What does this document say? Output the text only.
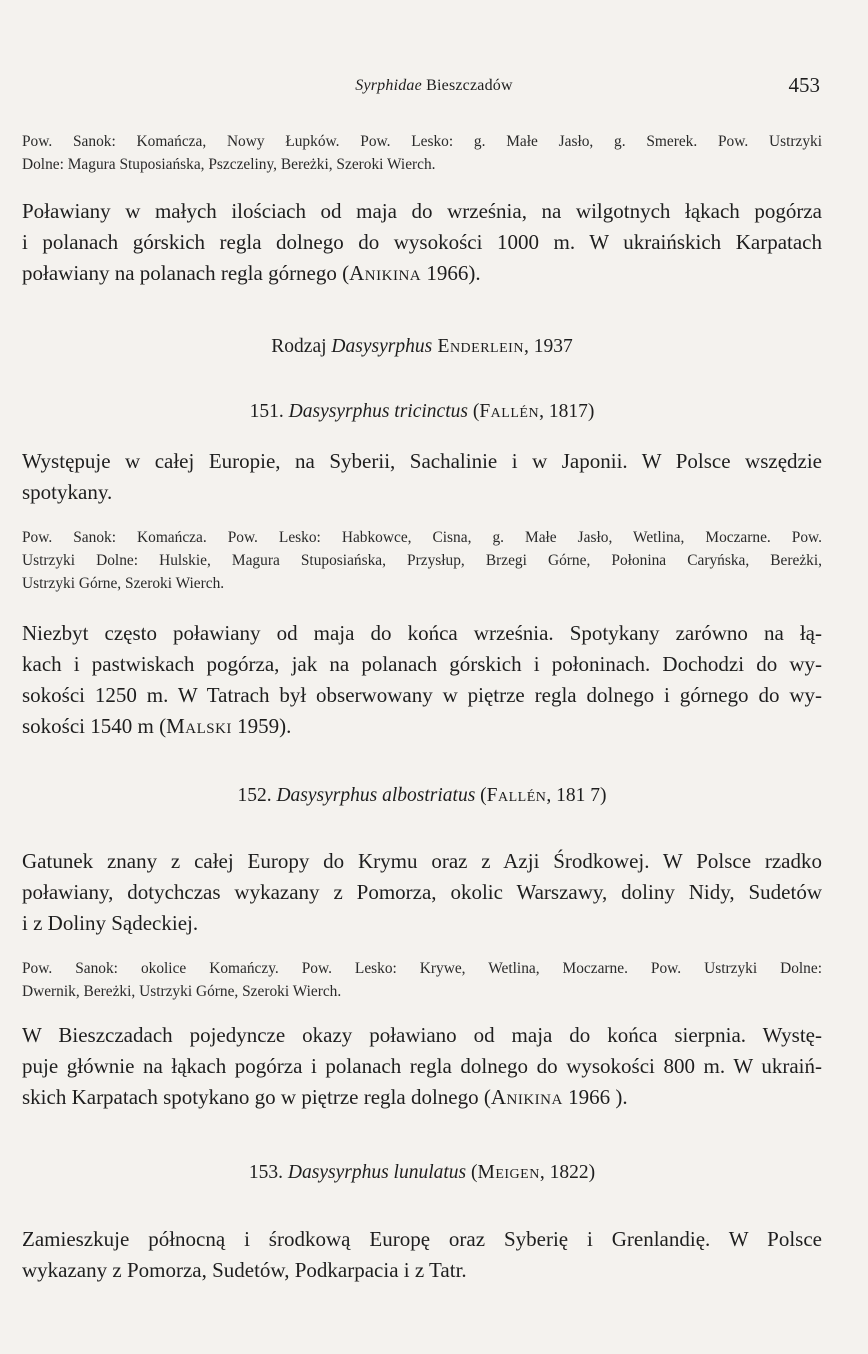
Syrphidae Bieszczadów	453
Pow. Sanok: Komańcza, Nowy Łupków. Pow. Lesko: g. Małe Jasło, g. Smerek. Pow. Ustrzyki
Dolne: Magura Stuposiańska, Pszczeliny, Bereżki, Szeroki Wierch.
Poławiany w małych ilościach od maja do września, na wilgotnych łąkach pogórza
i polanach górskich regla dolnego do wysokości 1000 m. W ukraińskich Karpatach
poławiany na polanach regla górnego (Anikina 1966).
Rodzaj Dasysyrphus Enderlein, 1937
151. Dasysyrphus tricinctus (Fallén, 1817)
Występuje w całej Europie, na Syberii, Sachalinie i w Japonii. W Polsce wszędzie
spotykany.
Pow. Sanok: Komańcza. Pow. Lesko: Habkowce, Cisna, g. Małe Jasło, Wetlina, Moczarne. Pow.
Ustrzyki Dolne: Hulskie, Magura Stuposiańska, Przysłup, Brzegi Górne, Połonina Caryńska, Bereżki,
Ustrzyki Górne, Szeroki Wierch.
Niezbyt często poławiany od maja do końca września. Spotykany zarówno na łą-
kach i pastwiskach pogórza, jak na polanach górskich i połoninach. Dochodzi do wy-
sokości 1250 m. W Tatrach był obserwowany w piętrze regla dolnego i górnego do wy-
sokości 1540 m (Malski 1959).
152. Dasysyrphus albostriatus (Fallén, 181 7)
Gatunek znany z całej Europy do Krymu oraz z Azji Środkowej. W Polsce rzadko
poławiany, dotychczas wykazany z Pomorza, okolic Warszawy, doliny Nidy, Sudetów
i z Doliny Sądeckiej.
Pow. Sanok: okolice Komańczy. Pow. Lesko: Krywe, Wetlina, Moczarne. Pow. Ustrzyki Dolne:
Dwernik, Bereżki, Ustrzyki Górne, Szeroki Wierch.
W Bieszczadach pojedyncze okazy poławiano od maja do końca sierpnia. Wystę-
puje głównie na łąkach pogórza i polanach regla dolnego do wysokości 800 m. W ukraiń-
skich Karpatach spotykano go w piętrze regla dolnego (Anikina 1966 ).
153. Dasysyrphus lunulatus (Meigen, 1822)
Zamieszkuje północną i środkową Europę oraz Syberię i Grenlandię. W Polsce
wykazany z Pomorza, Sudetów, Podkarpacia i z Tatr.
